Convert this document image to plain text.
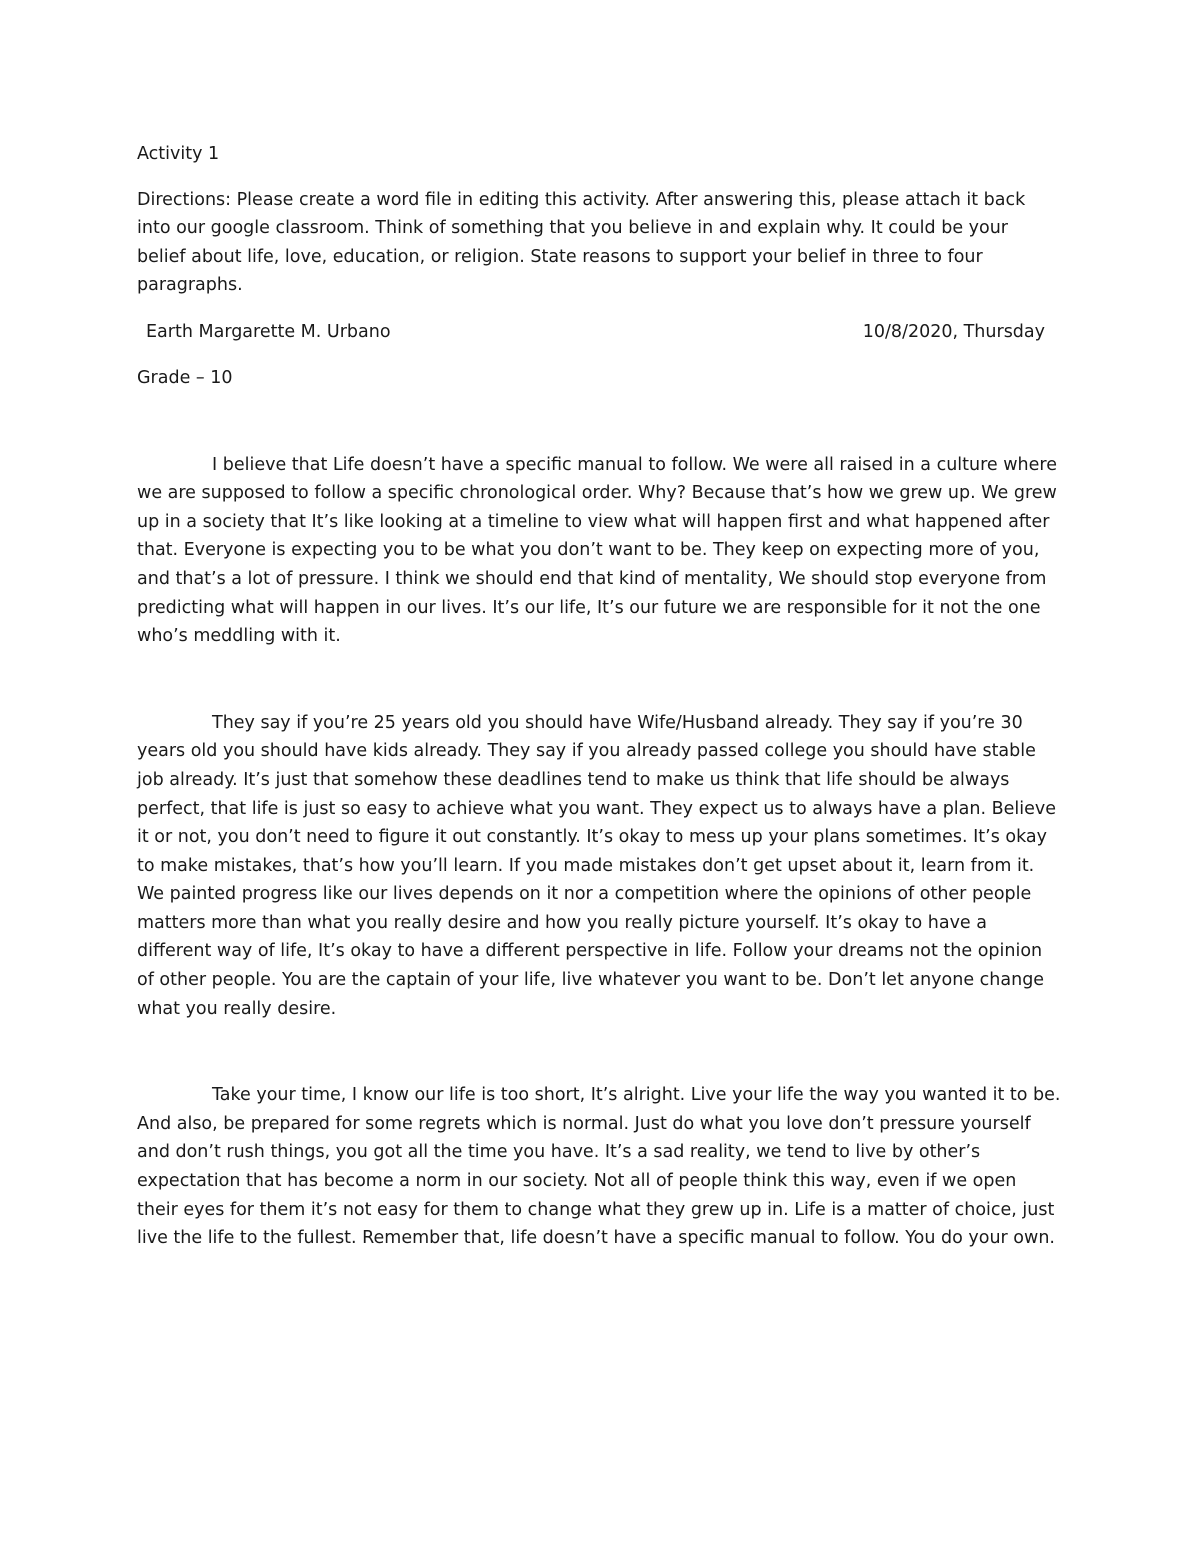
Activity 1

Directions: Please create a word file in editing this activity. After answering this, please attach it back into our google classroom. Think of something that you believe in and explain why. It could be your belief about life, love, education, or religion. State reasons to support your belief in three to four paragraphs.

Earth Margarette M. Urbano	10/8/2020, Thursday

Grade – 10

I believe that Life doesn’t have a specific manual to follow. We were all raised in a culture where we are supposed to follow a specific chronological order. Why? Because that’s how we grew up. We grew up in a society that It’s like looking at a timeline to view what will happen first and what happened after that. Everyone is expecting you to be what you don’t want to be. They keep on expecting more of you, and that’s a lot of pressure. I think we should end that kind of mentality, We should stop everyone from predicting what will happen in our lives. It’s our life, It’s our future we are responsible for it not the one who’s meddling with it.

They say if you’re 25 years old you should have Wife/Husband already. They say if you’re 30 years old you should have kids already. They say if you already passed college you should have stable job already. It’s just that somehow these deadlines tend to make us think that life should be always perfect, that life is just so easy to achieve what you want. They expect us to always have a plan. Believe it or not, you don’t need to figure it out constantly. It’s okay to mess up your plans sometimes. It’s okay to make mistakes, that’s how you’ll learn. If you made mistakes don’t get upset about it, learn from it. We painted progress like our lives depends on it nor a competition where the opinions of other people matters more than what you really desire and how you really picture yourself. It’s okay to have a different way of life, It’s okay to have a different perspective in life. Follow your dreams not the opinion of other people. You are the captain of your life, live whatever you want to be. Don’t let anyone change what you really desire.

Take your time, I know our life is too short, It’s alright. Live your life the way you wanted it to be. And also, be prepared for some regrets which is normal. Just do what you love don’t pressure yourself and don’t rush things, you got all the time you have. It’s a sad reality, we tend to live by other’s expectation that has become a norm in our society. Not all of people think this way, even if we open their eyes for them it’s not easy for them to change what they grew up in. Life is a matter of choice, just live the life to the fullest. Remember that, life doesn’t have a specific manual to follow. You do your own.
